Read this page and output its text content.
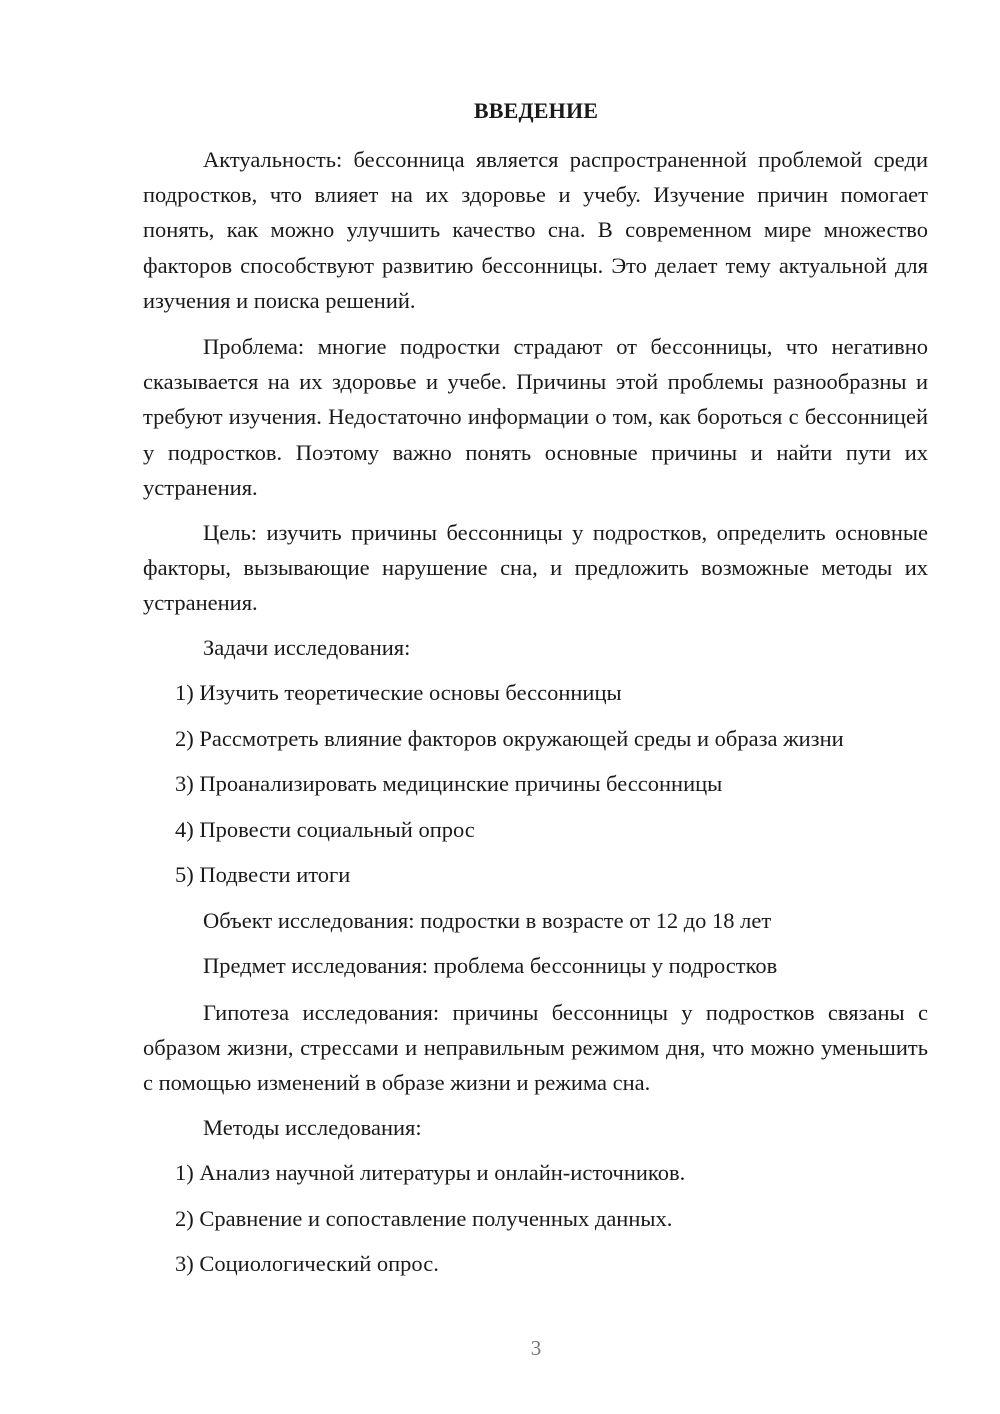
ВВЕДЕНИЕ

Актуальность: бессонница является распространенной проблемой среди подростков, что влияет на их здоровье и учебу. Изучение причин помогает понять, как можно улучшить качество сна. В современном мире множество факторов способствуют развитию бессонницы. Это делает тему актуальной для изучения и поиска решений.

Проблема: многие подростки страдают от бессонницы, что негативно сказывается на их здоровье и учебе. Причины этой проблемы разнообразны и требуют изучения. Недостаточно информации о том, как бороться с бессонницей у подростков. Поэтому важно понять основные причины и найти пути их устранения.

Цель: изучить причины бессонницы у подростков, определить основные факторы, вызывающие нарушение сна, и предложить возможные методы их устранения.

Задачи исследования:
1) Изучить теоретические основы бессонницы
2) Рассмотреть влияние факторов окружающей среды и образа жизни
3) Проанализировать медицинские причины бессонницы
4) Провести социальный опрос
5) Подвести итоги
Объект исследования: подростки в возрасте от 12 до 18 лет
Предмет исследования: проблема бессонницы у подростков

Гипотеза исследования: причины бессонницы у подростков связаны с образом жизни, стрессами и неправильным режимом дня, что можно уменьшить с помощью изменений в образе жизни и режима сна.

Методы исследования:
1) Анализ научной литературы и онлайн-источников.
2) Сравнение и сопоставление полученных данных.
3) Социологический опрос.
3
